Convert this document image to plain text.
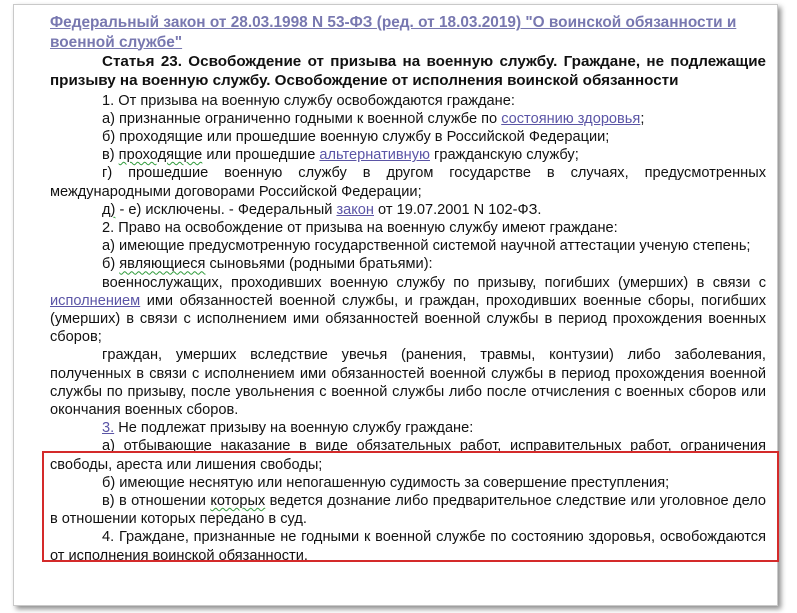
Федеральный закон от 28.03.1998 N 53-ФЗ (ред. от 18.03.2019) "О воинской обязанности и военной службе"
Статья 23. Освобождение от призыва на военную службу. Граждане, не подлежащие призыву на военную службу. Освобождение от исполнения воинской обязанности

1. От призыва на военную службу освобождаются граждане:

а) признанные ограниченно годными к военной службе по состоянию здоровья;

б) проходящие или прошедшие военную службу в Российской Федерации;

в) проходящие или прошедшие альтернативную гражданскую службу;

г) прошедшие военную службу в другом государстве в случаях, предусмотренных международными договорами Российской Федерации;

д) - е) исключены. - Федеральный закон от 19.07.2001 N 102-ФЗ.

2. Право на освобождение от призыва на военную службу имеют граждане:

а) имеющие предусмотренную государственной системой научной аттестации ученую степень;

б) являющиеся сыновьями (родными братьями):

военнослужащих, проходивших военную службу по призыву, погибших (умерших) в связи с исполнением ими обязанностей военной службы, и граждан, проходивших военные сборы, погибших (умерших) в связи с исполнением ими обязанностей военной службы в период прохождения военных сборов;

граждан, умерших вследствие увечья (ранения, травмы, контузии) либо заболевания, полученных в связи с исполнением ими обязанностей военной службы в период прохождения военной службы по призыву, после увольнения с военной службы либо после отчисления с военных сборов или окончания военных сборов.

3. Не подлежат призыву на военную службу граждане:

а) отбывающие наказание в виде обязательных работ, исправительных работ, ограничения свободы, ареста или лишения свободы;

б) имеющие неснятую или непогашенную судимость за совершение преступления;

в) в отношении которых ведется дознание либо предварительное следствие или уголовное дело в отношении которых передано в суд.

4. Граждане, признанные не годными к военной службе по состоянию здоровья, освобождаются от исполнения воинской обязанности.
